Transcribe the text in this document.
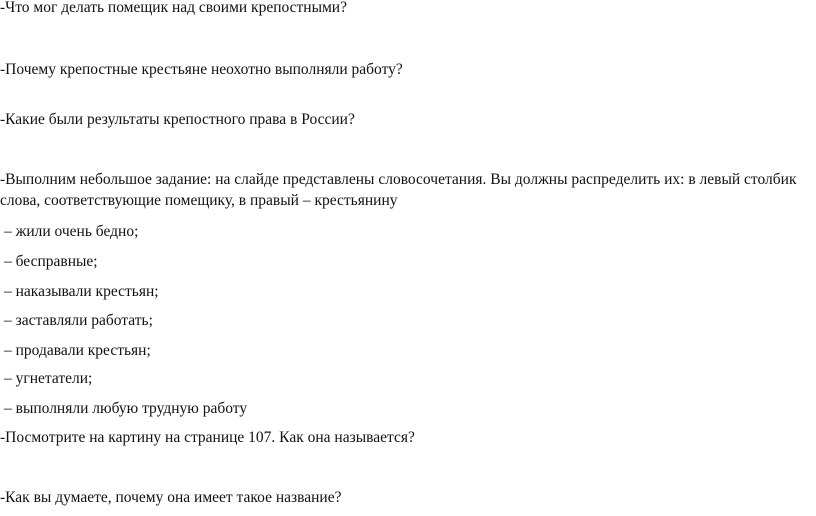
-Что мог делать помещик над своими крепостными?
-Почему крепостные крестьяне неохотно выполняли работу?
-Какие были результаты крепостного права в России?
-Выполним небольшое задание: на слайде представлены словосочетания. Вы должны распределить их: в левый столбик слова, соответствующие помещику, в правый – крестьянину
– жили очень бедно;
– бесправные;
– наказывали крестьян;
– заставляли работать;
– продавали крестьян;
– угнетатели;
– выполняли любую трудную работу
-Посмотрите на картину на странице 107. Как она называется?
-Как вы думаете, почему она имеет такое название?
